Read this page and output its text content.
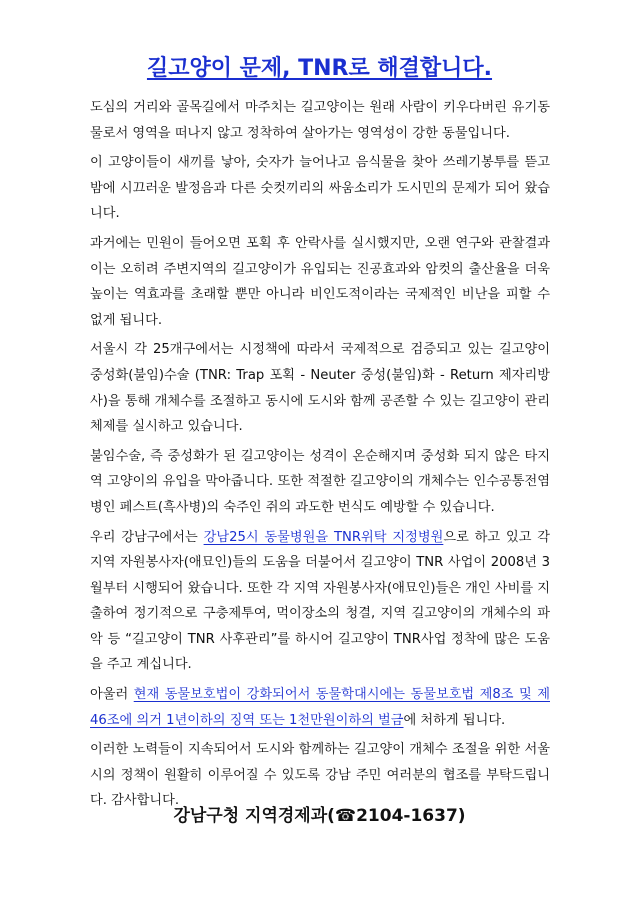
길고양이 문제, TNR로 해결합니다.

도심의 거리와 골목길에서 마주치는 길고양이는 원래 사람이 키우다버린 유기동물로서 영역을 떠나지 않고 정착하여 살아가는 영역성이 강한 동물입니다.

이 고양이들이 새끼를 낳아, 숫자가 늘어나고 음식물을 찾아 쓰레기봉투를 뜯고 밤에 시끄러운 발정음과 다른 숫컷끼리의 싸움소리가 도시민의 문제가 되어 왔습니다.

과거에는 민원이 들어오면 포획 후 안락사를 실시했지만, 오랜 연구와 관찰결과 이는 오히려 주변지역의 길고양이가 유입되는 진공효과와 암컷의 출산율을 더욱 높이는 역효과를 초래할 뿐만 아니라 비인도적이라는 국제적인 비난을 피할 수 없게 됩니다.

서울시 각 25개구에서는 시정책에 따라서 국제적으로 검증되고 있는 길고양이 중성화(불임)수술 (TNR: Trap 포획 - Neuter 중성(불임)화 - Return 제자리방사)을 통해 개체수를 조절하고 동시에 도시와 함께 공존할 수 있는 길고양이 관리체제를 실시하고 있습니다.

불임수술, 즉 중성화가 된 길고양이는 성격이 온순해지며 중성화 되지 않은 타지역 고양이의 유입을 막아줍니다. 또한 적절한 길고양이의 개체수는 인수공통전염병인 페스트(흑사병)의 숙주인 쥐의 과도한 번식도 예방할 수 있습니다.

우리 강남구에서는 강남25시 동물병원을 TNR위탁 지정병원으로 하고 있고 각 지역 자원봉사자(애묘인)들의 도움을 더불어서 길고양이 TNR 사업이 2008년 3월부터 시행되어 왔습니다. 또한 각 지역 자원봉사자(애묘인)들은 개인 사비를 지출하여 정기적으로 구충제투여, 먹이장소의 청결, 지역 길고양이의 개체수의 파악 등 “길고양이 TNR 사후관리”를 하시어 길고양이 TNR사업 정착에 많은 도움을 주고 계십니다.

아울러 현재 동물보호법이 강화되어서 동물학대시에는 동물보호법 제8조 및 제46조에 의거 1년이하의 징역 또는 1천만원이하의 벌금에 처하게 됩니다.

이러한 노력들이 지속되어서 도시와 함께하는 길고양이 개체수 조절을 위한 서울시의 정책이 원활히 이루어질 수 있도록 강남 주민 여러분의 협조를 부탁드립니다. 감사합니다.

강남구청 지역경제과(☎2104-1637)
